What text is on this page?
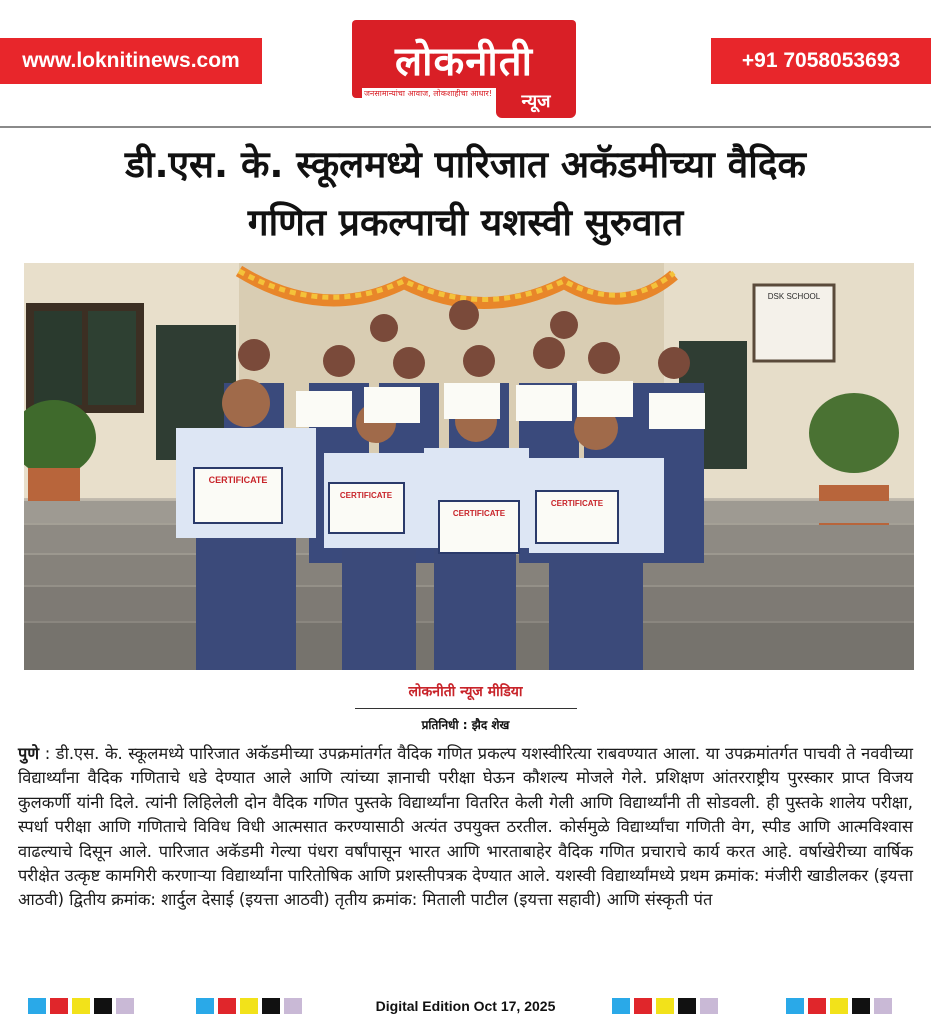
www.loknitinews.com	लोकनीती
जनसामान्यांचा आवाज, लोकशाहीचा आधार!	न्यूज
+91 7058053693
डी.एस. के. स्कूलमध्ये पारिजात अकॅडमीच्या वैदिक
गणित प्रकल्पाची यशस्वी सुरुवात
DSK SCHOOL
CERTIFICATE
CERTIFICATE
CERTIFICATE
CERTIFICATE
लोकनीती न्यूज मीडिया
प्रतिनिधी : झैद शेख
पुणे : डी.एस. के. स्कूलमध्ये पारिजात अकॅडमीच्या उपक्रमांतर्गत वैदिक गणित प्रकल्प यशस्वीरित्या राबवण्यात आला. या उपक्रमांतर्गत पाचवी ते नववीच्या विद्यार्थ्यांना वैदिक गणिताचे धडे देण्यात आले आणि त्यांच्या ज्ञानाची परीक्षा घेऊन कौशल्य मोजले गेले. प्रशिक्षण आंतरराष्ट्रीय पुरस्कार प्राप्त विजय कुलकर्णी यांनी दिले. त्यांनी लिहिलेली दोन वैदिक गणित पुस्तके विद्यार्थ्यांना वितरित केली गेली आणि विद्यार्थ्यांनी ती सोडवली. ही पुस्तके शालेय परीक्षा, स्पर्धा परीक्षा आणि गणिताचे विविध विधी आत्मसात करण्यासाठी अत्यंत उपयुक्त ठरतील. कोर्समुळे विद्यार्थ्यांचा गणिती वेग, स्पीड आणि आत्मविश्वास वाढल्याचे दिसून आले. पारिजात अकॅडमी गेल्या पंधरा वर्षांपासून भारत आणि भारताबाहेर वैदिक गणित प्रचाराचे कार्य करत आहे. वर्षाखेरीच्या वार्षिक परीक्षेत उत्कृष्ट कामगिरी करणाऱ्या विद्यार्थ्यांना पारितोषिक आणि प्रशस्तीपत्रक देण्यात आले. यशस्वी विद्यार्थ्यांमध्ये प्रथम क्रमांक: मंजीरी खाडीलकर (इयत्ता आठवी) द्वितीय क्रमांक: शार्दुल देसाई (इयत्ता आठवी) तृतीय क्रमांक: मिताली पाटील (इयत्ता सहावी) आणि संस्कृती पंत
Digital Edition Oct 17, 2025
